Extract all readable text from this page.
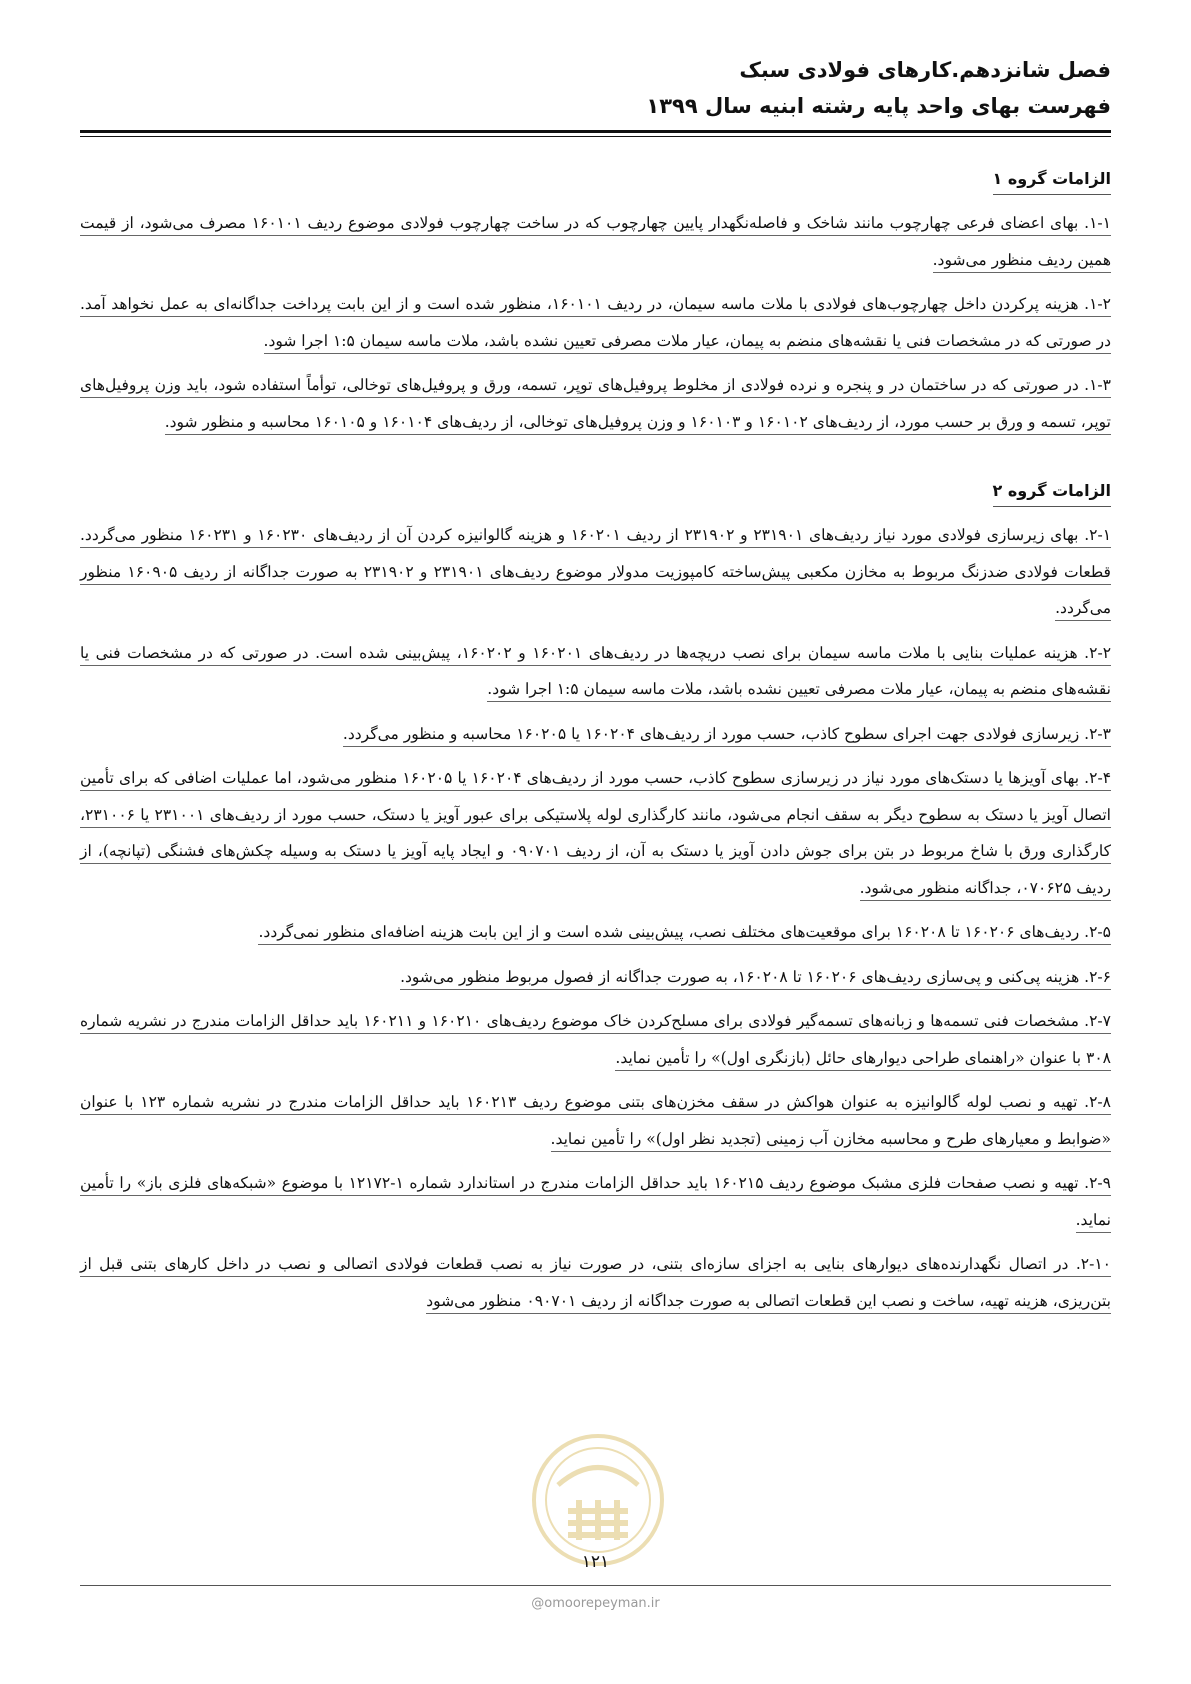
فصل شانزدهم.کارهای فولادی سبک
فهرست بهای واحد پایه رشته ابنیه سال ۱۳۹۹
الزامات گروه ۱

۱-۱. بهای اعضای فرعی چهارچوب مانند شاخک و فاصله‌نگهدار پایین چهارچوب که در ساخت چهارچوب فولادی موضوع ردیف ۱۶۰۱۰۱ مصرف می‌شود، از قیمت همین ردیف منظور می‌شود.

۱-۲. هزینه پرکردن داخل چهارچوب‌های فولادی با ملات ماسه سیمان، در ردیف ۱۶۰۱۰۱، منظور شده است و از این بابت پرداخت جداگانه‌ای به عمل نخواهد آمد. در صورتی که در مشخصات فنی یا نقشه‌های منضم به پیمان، عیار ملات مصرفی تعیین نشده باشد، ملات ماسه سیمان ۱:۵ اجرا شود.

۱-۳. در صورتی که در ساختمان در و پنجره و نرده فولادی از مخلوط پروفیل‌های توپر، تسمه، ورق و پروفیل‌های توخالی، توأماً استفاده شود، باید وزن پروفیل‌های توپر، تسمه و ورق بر حسب مورد، از ردیف‌های ۱۶۰۱۰۲ و ۱۶۰۱۰۳ و وزن پروفیل‌های توخالی، از ردیف‌های ۱۶۰۱۰۴ و ۱۶۰۱۰۵ محاسبه و منظور شود.

الزامات گروه ۲

۲-۱. بهای زیرسازی فولادی مورد نیاز ردیف‌های ۲۳۱۹۰۱ و ۲۳۱۹۰۲ از ردیف ۱۶۰۲۰۱ و هزینه گالوانیزه کردن آن از ردیف‌های ۱۶۰۲۳۰ و ۱۶۰۲۳۱ منظور می‌گردد. قطعات فولادی ضدزنگ مربوط به مخازن مکعبی پیش‌ساخته کامپوزیت مدولار موضوع ردیف‌های ۲۳۱۹۰۱ و ۲۳۱۹۰۲ به صورت جداگانه از ردیف ۱۶۰۹۰۵ منظور می‌گردد.

۲-۲. هزینه عملیات بنایی با ملات ماسه سیمان برای نصب دریچه‌ها در ردیف‌های ۱۶۰۲۰۱ و ۱۶۰۲۰۲، پیش‌بینی شده است. در صورتی که در مشخصات فنی یا نقشه‌های منضم به پیمان، عیار ملات مصرفی تعیین نشده باشد، ملات ماسه سیمان ۱:۵ اجرا شود.

۲-۳. زیرسازی فولادی جهت اجرای سطوح کاذب، حسب مورد از ردیف‌های ۱۶۰۲۰۴ یا ۱۶۰۲۰۵ محاسبه و منظور می‌گردد.

۲-۴. بهای آویزها یا دستک‌های مورد نیاز در زیرسازی سطوح کاذب، حسب مورد از ردیف‌های ۱۶۰۲۰۴ یا ۱۶۰۲۰۵ منظور می‌شود، اما عملیات اضافی که برای تأمین اتصال آویز یا دستک به سطوح دیگر به سقف انجام می‌شود، مانند کارگذاری لوله پلاستیکی برای عبور آویز یا دستک، حسب مورد از ردیف‌های ۲۳۱۰۰۱ یا ۲۳۱۰۰۶، کارگذاری ورق با شاخ مربوط در بتن برای جوش دادن آویز یا دستک به آن، از ردیف ۰۹۰۷۰۱ و ایجاد پایه آویز یا دستک به وسیله چکش‌های فشنگی (تپانچه)، از ردیف ۰۷۰۶۲۵، جداگانه منظور می‌شود.

۲-۵. ردیف‌های ۱۶۰۲۰۶ تا ۱۶۰۲۰۸ برای موقعیت‌های مختلف نصب، پیش‌بینی شده است و از این بابت هزینه اضافه‌ای منظور نمی‌گردد.

۲-۶. هزینه پی‌کنی و پی‌سازی ردیف‌های ۱۶۰۲۰۶ تا ۱۶۰۲۰۸، به صورت جداگانه از فصول مربوط منظور می‌شود.

۲-۷. مشخصات فنی تسمه‌ها و زبانه‌های تسمه‌گیر فولادی برای مسلح‌کردن خاک موضوع ردیف‌های ۱۶۰۲۱۰ و ۱۶۰۲۱۱ باید حداقل الزامات مندرج در نشریه شماره ۳۰۸ با عنوان «راهنمای طراحی دیوارهای حائل (بازنگری اول)» را تأمین نماید.

۲-۸. تهیه و نصب لوله گالوانیزه به عنوان هواکش در سقف مخزن‌های بتنی موضوع ردیف ۱۶۰۲۱۳ باید حداقل الزامات مندرج در نشریه شماره ۱۲۳ با عنوان «ضوابط و معیارهای طرح و محاسبه مخازن آب زمینی (تجدید نظر اول)» را تأمین نماید.

۲-۹. تهیه و نصب صفحات فلزی مشبک موضوع ردیف ۱۶۰۲۱۵ باید حداقل الزامات مندرج در استاندارد شماره ۱-۱۲۱۷۲ با موضوع «شبکه‌های فلزی باز» را تأمین نماید.

۲-۱۰. در اتصال نگهدارنده‌های دیوارهای بنایی به اجزای سازه‌ای بتنی، در صورت نیاز به نصب قطعات فولادی اتصالی و نصب در داخل کارهای بتنی قبل از بتن‌ریزی، هزینه تهیه، ساخت و نصب این قطعات اتصالی به صورت جداگانه از ردیف ۰۹۰۷۰۱ منظور می‌شود

۱۲۱
@omoorepeyman.ir
